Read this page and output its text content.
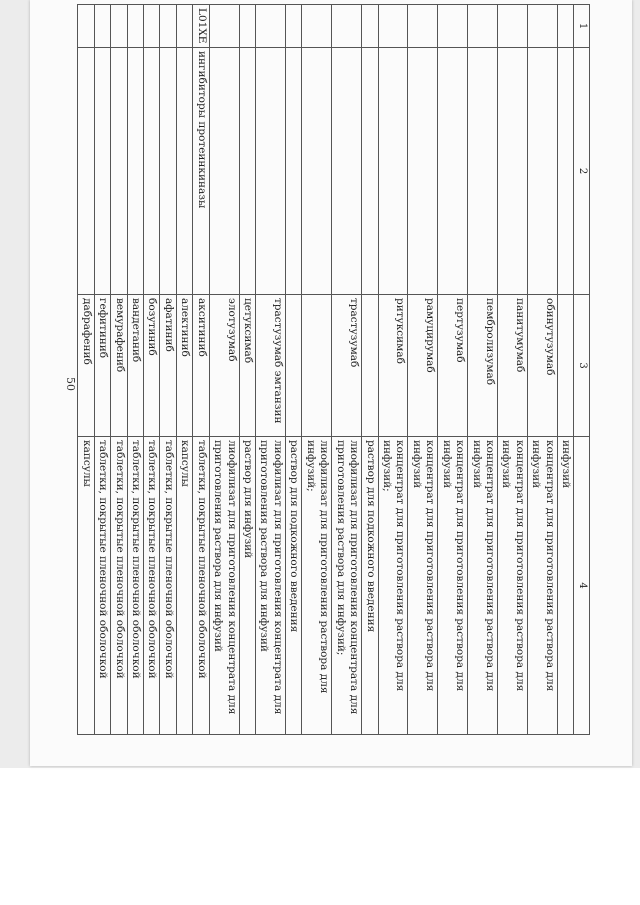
50
1	2	3	4
			инфузий
		обинутузумаб	концентрат для приготовления раствора для инфузий
		панитумумаб	концентрат для приготовления раствора для инфузий
		пембролизумаб	концентрат для приготовления раствора для инфузий
		пертузумаб	концентрат для приготовления раствора для инфузий
		рамуцирумаб	концентрат для приготовления раствора для инфузий
		ритуксимаб	концентрат для приготовления раствора для инфузий;
			раствор для подкожного введения
		трастузумаб	лиофилизат для приготовления концентрата для приготовления раствора для инфузий;
			лиофилизат для приготовления раствора для инфузий;
			раствор для подкожного введения
		трастузумаб эмтанзин	лиофилизат для приготовления концентрата для приготовления раствора для инфузий
		цетуксимаб	раствор для инфузий
		элотузумаб	лиофилизат для приготовления концентрата для приготовления раствора для инфузий
L01XE	ингибиторы протеинкиназы	акситиниб	таблетки, покрытые пленочной оболочкой
		алектиниб	капсулы
		афатиниб	таблетки, покрытые пленочной оболочкой
		бозутиниб	таблетки, покрытые пленочной оболочкой
		вандетаниб	таблетки, покрытые пленочной оболочкой
		вемурафениб	таблетки, покрытые пленочной оболочкой
		гефитиниб	таблетки, покрытые пленочной оболочкой
		дабрафениб	капсулы
